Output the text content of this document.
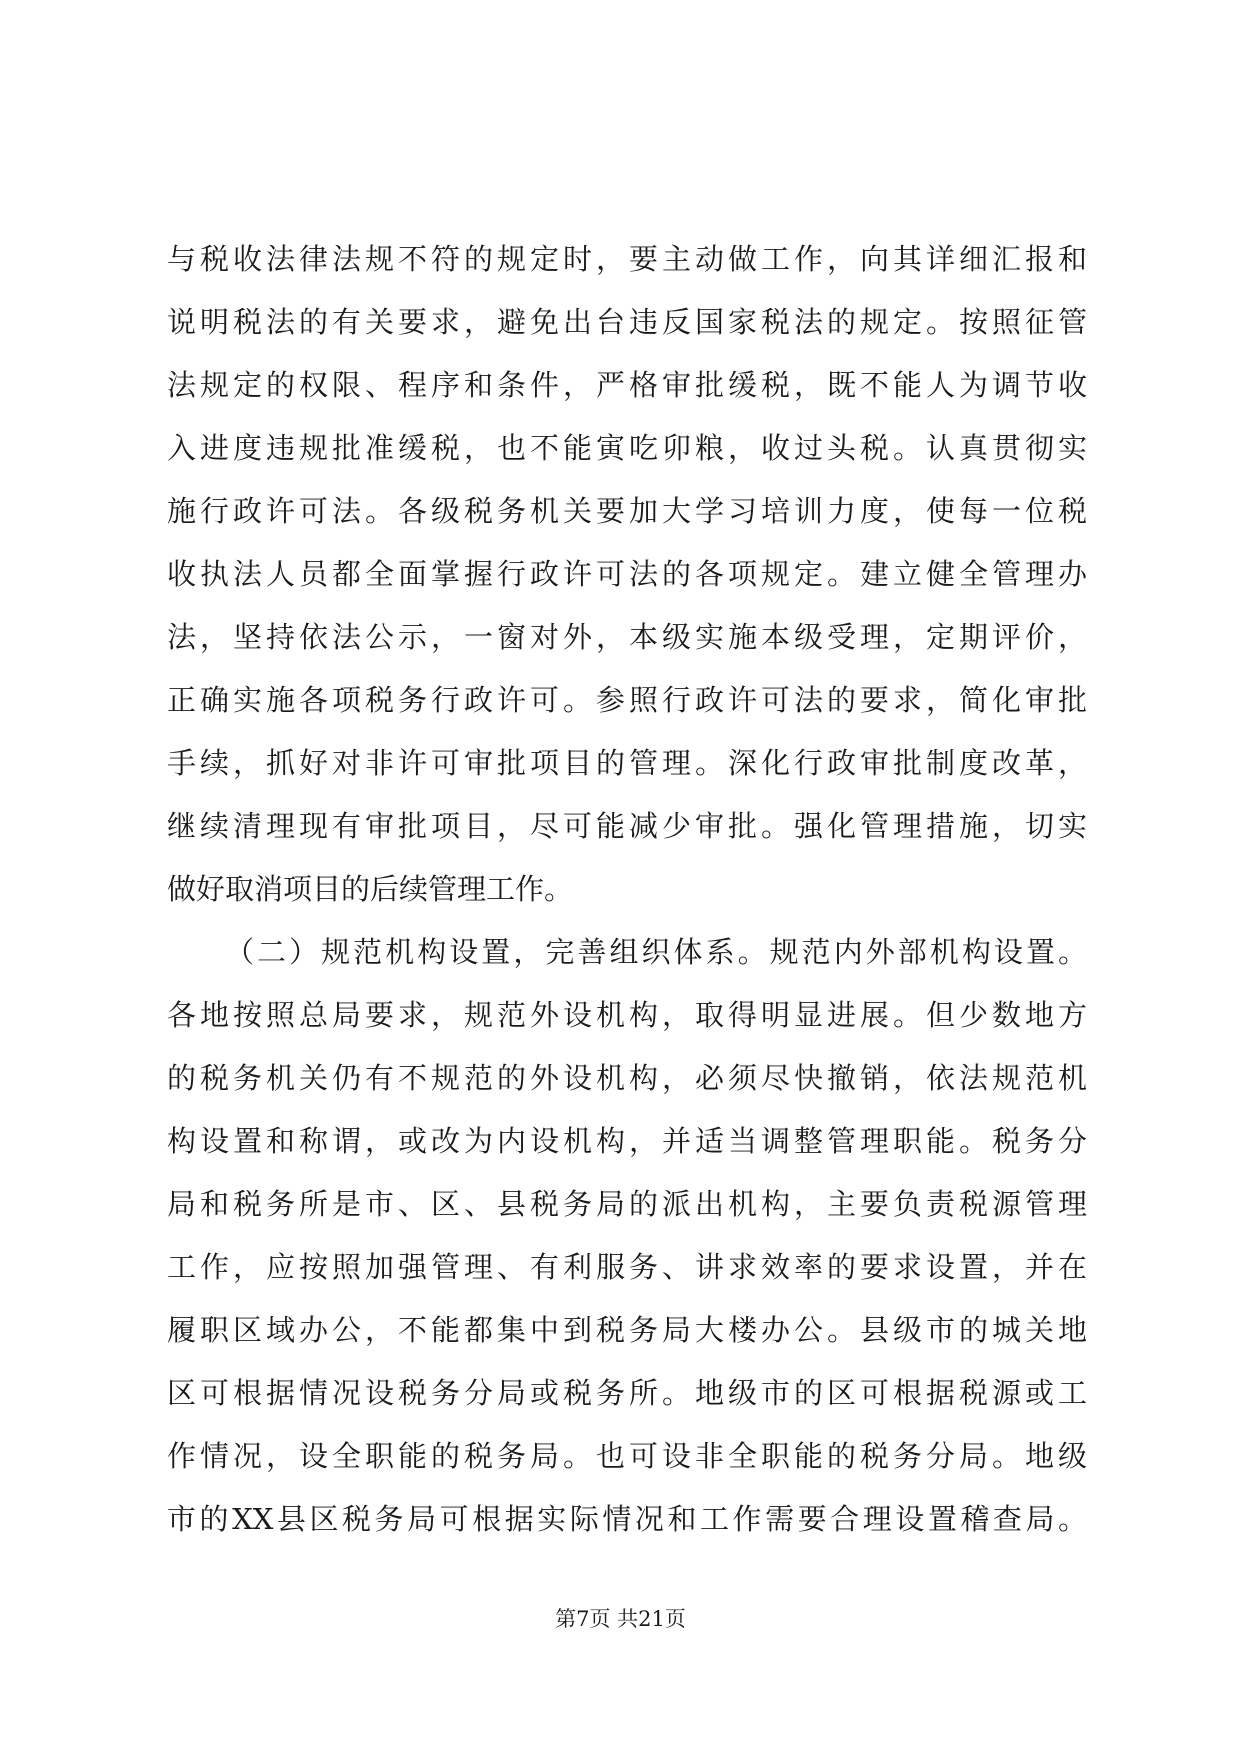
与税收法律法规不符的规定时，要主动做工作，向其详细汇报和
说明税法的有关要求，避免出台违反国家税法的规定。按照征管
法规定的权限、程序和条件，严格审批缓税，既不能人为调节收
入进度违规批准缓税，也不能寅吃卯粮，收过头税。认真贯彻实
施行政许可法。各级税务机关要加大学习培训力度，使每一位税
收执法人员都全面掌握行政许可法的各项规定。建立健全管理办
法，坚持依法公示，一窗对外，本级实施本级受理，定期评价，
正确实施各项税务行政许可。参照行政许可法的要求，简化审批
手续，抓好对非许可审批项目的管理。深化行政审批制度改革，
继续清理现有审批项目，尽可能减少审批。强化管理措施，切实
做好取消项目的后续管理工作。
（二）规范机构设置，完善组织体系。规范内外部机构设置。
各地按照总局要求，规范外设机构，取得明显进展。但少数地方
的税务机关仍有不规范的外设机构，必须尽快撤销，依法规范机
构设置和称谓，或改为内设机构，并适当调整管理职能。税务分
局和税务所是市、区、县税务局的派出机构，主要负责税源管理
工作，应按照加强管理、有利服务、讲求效率的要求设置，并在
履职区域办公，不能都集中到税务局大楼办公。县级市的城关地
区可根据情况设税务分局或税务所。地级市的区可根据税源或工
作情况，设全职能的税务局。也可设非全职能的税务分局。地级
市的XX县区税务局可根据实际情况和工作需要合理设置稽查局。
第7页 共21页
